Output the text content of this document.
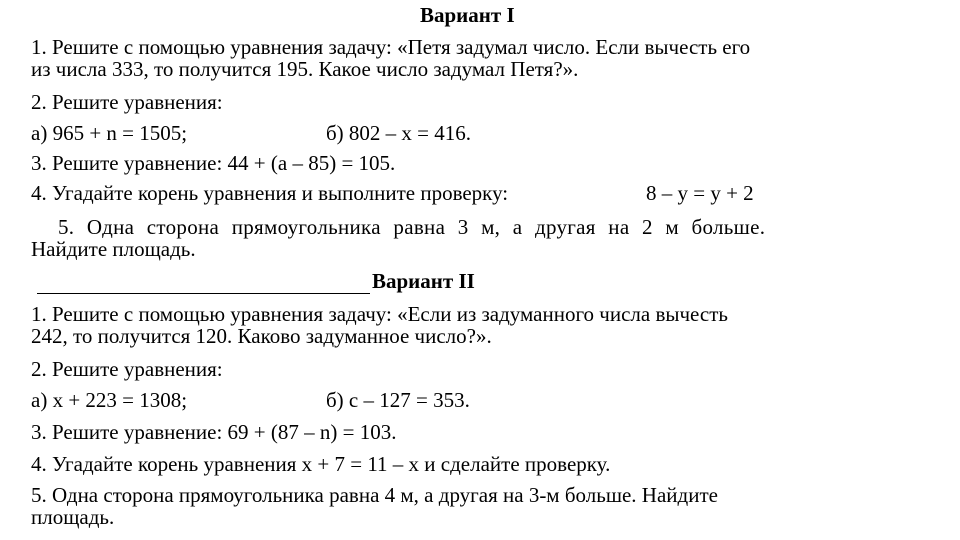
Вариант I
1. Решите с помощью уравнения задачу: «Петя задумал число. Если вычесть его
из числа 333, то получится 195. Какое число задумал Петя?».
2. Решите уравнения:
а) 965 + n = 1505;	б) 802 – x = 416.
3. Решите уравнение: 44 + (a – 85) = 105.
4. Угадайте корень уравнения и выполните проверку:	8 – y = y + 2
5. Одна сторона прямоугольника равна 3 м, а другая на 2 м больше.
Найдите площадь.
Вариант II
1. Решите с помощью уравнения задачу: «Если из задуманного числа вычесть
242, то получится 120. Каково задуманное число?».
2. Решите уравнения:
а) x + 223 = 1308;	б) c – 127 = 353.
3. Решите уравнение: 69 + (87 – n) = 103.
4. Угадайте корень уравнения x + 7 = 11 – x и сделайте проверку.
5. Одна сторона прямоугольника равна 4 м, а другая на 3-м больше. Найдите
площадь.
